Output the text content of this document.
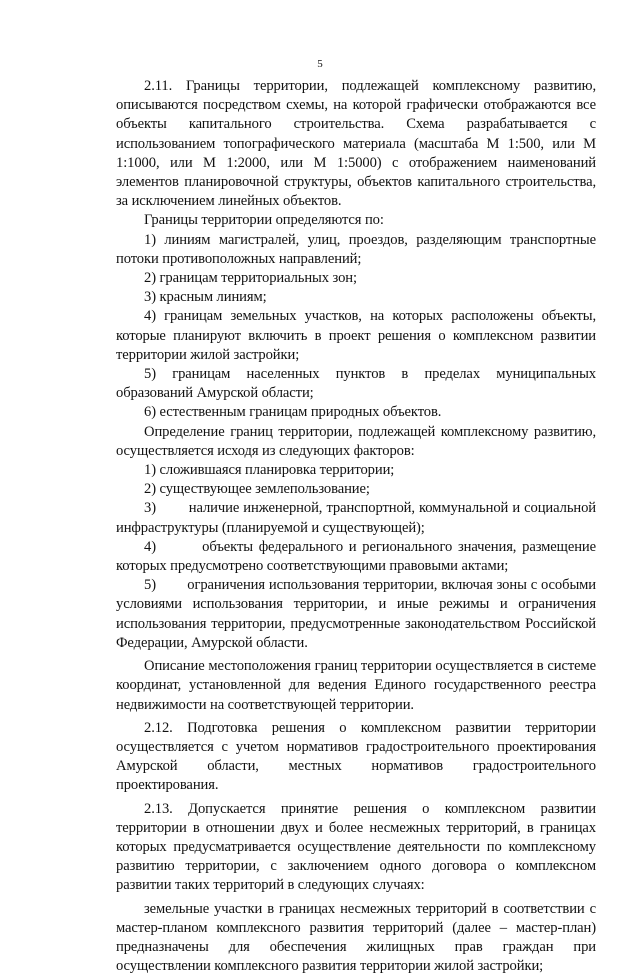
5

2.11. Границы территории, подлежащей комплексному развитию, описываются посредством схемы, на которой графически отображаются все объекты капитального строительства. Схема разрабатывается с использованием топографического материала (масштаба М 1:500, или М 1:1000, или М 1:2000, или М 1:5000) с отображением наименований элементов планировочной структуры, объектов капитального строительства, за исключением линейных объектов.

Границы территории определяются по:

1) линиям магистралей, улиц, проездов, разделяющим транспортные потоки противоположных направлений;

2) границам территориальных зон;

3) красным линиям;

4) границам земельных участков, на которых расположены объекты, которые планируют включить в проект решения о комплексном развитии территории жилой застройки;

5) границам населенных пунктов в пределах муниципальных образований Амурской области;

6) естественным границам природных объектов.

Определение границ территории, подлежащей комплексному развитию, осуществляется исходя из следующих факторов:

1) сложившаяся планировка территории;

2) существующее землепользование;

3)        наличие инженерной, транспортной, коммунальной и социальной инфраструктуры (планируемой и существующей);

4)        объекты федерального и регионального значения, размещение которых предусмотрено соответствующими правовыми актами;

5)        ограничения использования территории, включая зоны с особыми условиями использования территории, и иные режимы и ограничения использования территории, предусмотренные законодательством Российской Федерации, Амурской области.

Описание местоположения границ территории осуществляется в системе координат, установленной для ведения Единого государственного реестра недвижимости на соответствующей территории.

2.12. Подготовка решения о комплексном развитии территории осуществляется с учетом нормативов градостроительного проектирования Амурской области, местных нормативов градостроительного проектирования.

2.13. Допускается принятие решения о комплексном развитии территории в отношении двух и более несмежных территорий, в границах которых предусматривается осуществление деятельности по комплексному развитию территории, с заключением одного договора о комплексном развитии таких территорий в следующих случаях:

земельные участки в границах несмежных территорий в соответствии с мастер-планом комплексного развития территорий (далее – мастер-план) предназначены для обеспечения жилищных прав граждан при осуществлении комплексного развития территории жилой застройки;
